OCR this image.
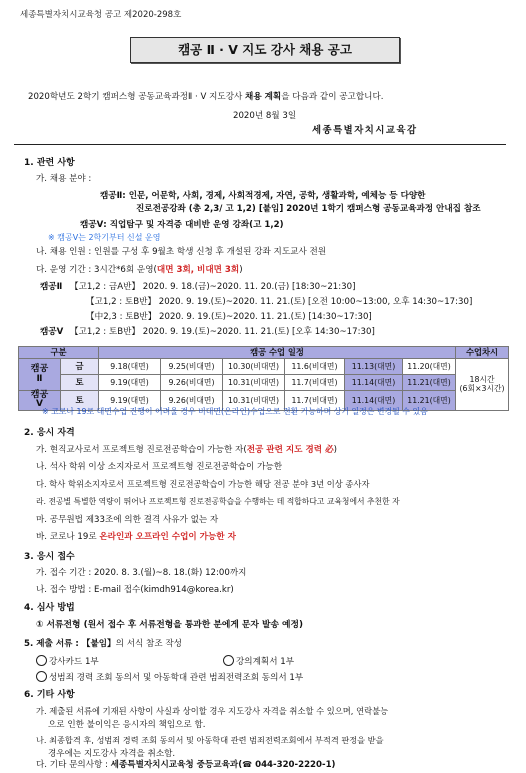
세종특별자치시교육청 공고 제2020-298호
캠공 Ⅱ · Ⅴ 지도 강사 채용 공고
2020학년도 2학기 캠퍼스형 공동교육과정Ⅱ · Ⅴ 지도강사 채용 계획을 다음과 같이 공고합니다.
2020년 8월 3일
세종특별자치시교육감
1. 관련 사항
가. 채용 분야 :
캠공Ⅱ: 인문, 어문학, 사회, 경제, 사회적경제, 자연, 공학, 생활과학, 예체능 등 다양한
진로전공강좌 (총 2,3/ 고 1,2) [붙임] 2020년 1학기 캠퍼스형 공동교육과정 안내집 참조
캠공Ⅴ: 직업탐구 및 자격증 대비반 운영 강좌(고 1,2)
※ 캠공Ⅴ는 2학기부터 신설 운영
나. 채용 인원 : 인원를 구성 후 9월초 학생 신청 후 개설된 강좌 지도교사 전원
다. 운영 기간 : 3시간*6회 운영(대면 3회, 비대면 3회)
캠공Ⅱ 【고1,2 : 금A반】 2020. 9. 18.(금)~2020. 11. 20.(금) [18:30~21:30]
【고1,2 : 토B반】 2020. 9. 19.(토)~2020. 11. 21.(토) [오전 10:00~13:00, 오후 14:30~17:30]
【中2,3 : 토B반】 2020. 9. 19.(토)~2020. 11. 21.(토) [14:30~17:30]
캠공Ⅴ 【고1,2 : 토B반】 2020. 9. 19.(토)~2020. 11. 21.(토) [오후 14:30~17:30]
구분		캠공 수업 일정						수업차시
캠공
Ⅱ	금	9.18(대면)	9.25(비대면)	10.30(비대면)	11.6(비대면)	11.13(대면)	11.20(대면)	18시간
(6회×3시간)
	토	9.19(대면)	9.26(비대면)	10.31(비대면)	11.7(비대면)	11.14(대면)	11.21(대면)	
캠공
Ⅴ	토	9.19(대면)	9.26(비대면)	10.31(비대면)	11.7(비대면)	11.14(대면)	11.21(대면)	
※ 코로나 19로 대면수업 진행이 어려울 경우 비대면(온라인)수업으로 전환 가능하며 상기 일정은 변경될 수 있음
2. 응시 자격
가. 현직교사로서 프로젝트형 진로전공학습이 가능한 자(전공 관련 지도 경력 必)
나. 석사 학위 이상 소지자로서 프로젝트형 진로전공학습이 가능한
다. 학사 학위소지자로서 프로젝트형 진로전공학습이 가능한 해당 전공 분야 3년 이상 종사자
라. 전공별 특별한 역량이 뛰어나 프로젝트형 진로전공학습을 수행하는 데 적합하다고 교육청에서 추천한 자
마. 공무원법 제33조에 의한 결격 사유가 없는 자
바. 코로나 19로 온라인과 오프라인 수업이 가능한 자
3. 응시 접수
가. 접수 기간 : 2020. 8. 3.(월)~8. 18.(화) 12:00까지
나. 접수 방법 : E-mail 접수(kimdh914@korea.kr)
4. 심사 방법
① 서류전형 (원서 접수 후 서류전형을 통과한 분에게 문자 발송 예정)
5. 제출 서류 : 【붙임】의 서식 참조 작성
강사카드 1부	강의계획서 1부
성범죄 경력 조회 동의서 및 아동학대 관련 범죄전력조회 동의서 1부
6. 기타 사항
가. 제출된 서류에 기재된 사항이 사실과 상이할 경우 지도강사 자격을 취소할 수 있으며, 연락불능
으로 인한 불이익은 응시자의 책임으로 함.
나. 최종합격 후, 성범죄 경력 조회 동의서 및 아동학대 관련 범죄전력조회에서 부적격 판정을 받을
경우에는 지도강사 자격을 취소함.
다. 기타 문의사항 : 세종특별자치시교육청 중등교육과(☎ 044-320-2220-1)
